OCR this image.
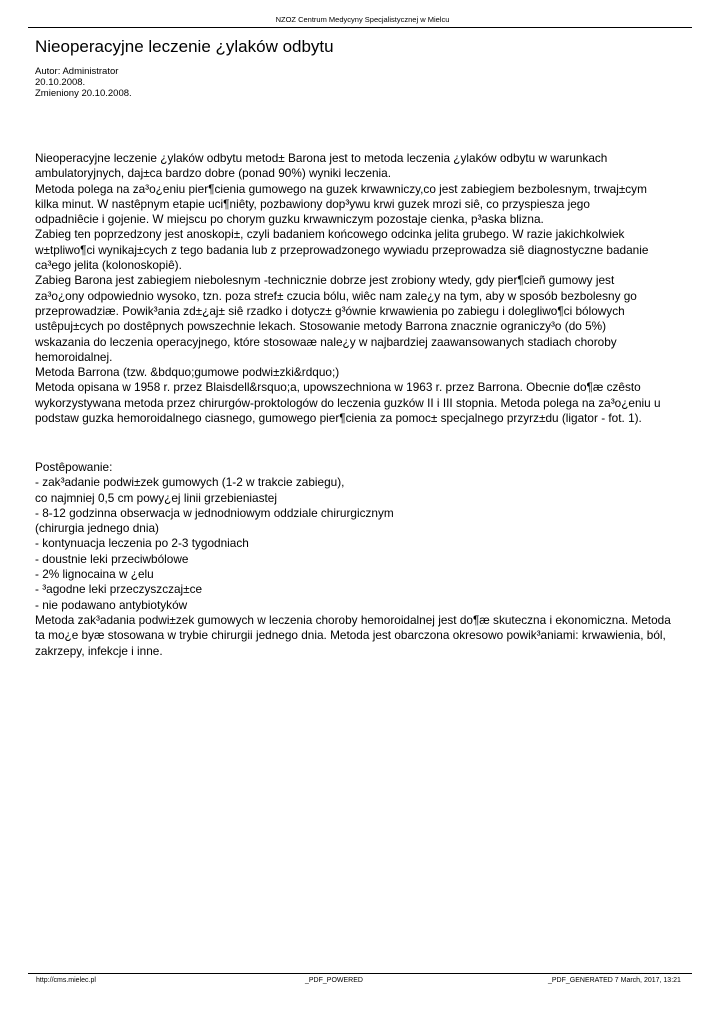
NZOZ Centrum Medycyny Specjalistycznej w Mielcu
Nieoperacyjne leczenie ¿ylaków odbytu
Autor: Administrator
20.10.2008.
Zmieniony 20.10.2008.
Nieoperacyjne leczenie ¿ylaków odbytu metod± Barona jest to metoda leczenia ¿ylaków odbytu w warunkach
ambulatoryjnych, daj±ca bardzo dobre (ponad 90%) wyniki leczenia.
Metoda polega na za³o¿eniu pier¶cienia gumowego na guzek krwawniczy,co jest zabiegiem bezbolesnym, trwaj±cym
kilka minut. W nastêpnym etapie uci¶niêty, pozbawiony dop³ywu krwi guzek mrozi siê, co przyspiesza jego
odpadniêcie i gojenie. W miejscu po chorym guzku krwawniczym pozostaje cienka, p³aska blizna.
Zabieg ten poprzedzony jest anoskopi±, czyli badaniem końcowego odcinka jelita grubego. W razie jakichkolwiek
w±tpliwo¶ci wynikaj±cych z tego badania lub z przeprowadzonego wywiadu przeprowadza siê diagnostyczne badanie
ca³ego jelita (kolonoskopiê).
Zabieg Barona jest zabiegiem niebolesnym -technicznie dobrze jest zrobiony wtedy, gdy pier¶cieñ gumowy jest
za³o¿ony odpowiednio wysoko, tzn. poza stref± czucia bólu, wiêc nam zale¿y na tym, aby w sposób bezbolesny go
przeprowadziæ. Powik³ania zd±¿aj± siê rzadko i dotycz± g³ównie krwawienia po zabiegu i dolegliwo¶ci bólowych
ustêpuj±cych po dostêpnych powszechnie lekach. Stosowanie metody Barrona znacznie ograniczy³o (do 5%)
wskazania do leczenia operacyjnego, które stosowaæ nale¿y w najbardziej zaawansowanych stadiach choroby
hemoroidalnej.
Metoda Barrona (tzw. &bdquo;gumowe podwi±zki&rdquo;)
Metoda opisana w 1958 r. przez Blaisdell&rsquo;a, upowszechniona w 1963 r. przez Barrona. Obecnie do¶æ czêsto
wykorzystywana metoda przez chirurgów-proktologów do leczenia guzków II i III stopnia. Metoda polega na za³o¿eniu u
podstaw guzka hemoroidalnego ciasnego, gumowego pier¶cienia za pomoc± specjalnego przyrz±du (ligator - fot. 1).
Postêpowanie:
- zak³adanie podwi±zek gumowych (1-2 w trakcie zabiegu),
co najmniej 0,5 cm powy¿ej linii grzebieniastej
- 8-12 godzinna obserwacja w jednodniowym oddziale chirurgicznym
(chirurgia jednego dnia)
- kontynuacja leczenia po 2-3 tygodniach
- doustnie leki przeciwbólowe
- 2% lignocaina w ¿elu
- ³agodne leki przeczyszczaj±ce
- nie podawano antybiotyków
Metoda zak³adania podwi±zek gumowych w leczenia choroby hemoroidalnej jest do¶æ skuteczna i ekonomiczna. Metoda
ta mo¿e byæ stosowana w trybie chirurgii jednego dnia. Metoda jest obarczona okresowo powik³aniami: krwawienia, ból,
zakrzepy, infekcje i inne.
http://cms.mielec.pl	_PDF_POWERED	_PDF_GENERATED 7 March, 2017, 13:21
